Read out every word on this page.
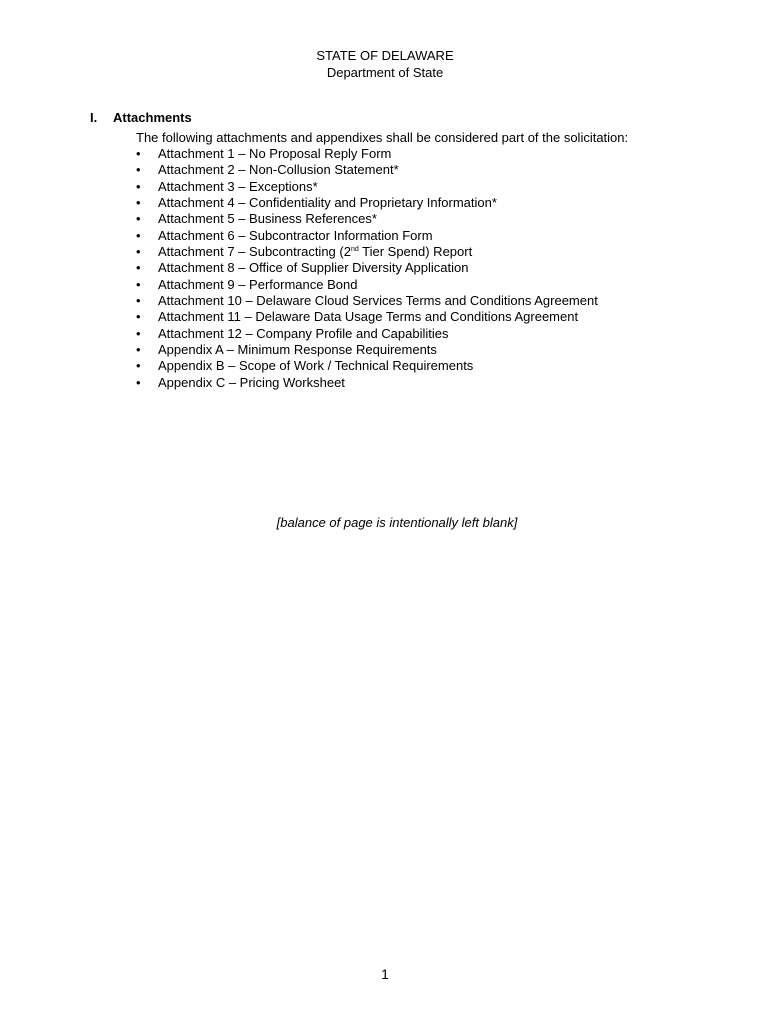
STATE OF DELAWARE
Department of State
I.	Attachments
The following attachments and appendixes shall be considered part of the solicitation:
•	Attachment 1 – No Proposal Reply Form
•	Attachment 2 – Non-Collusion Statement*
•	Attachment 3 – Exceptions*
•	Attachment 4 – Confidentiality and Proprietary Information*
•	Attachment 5 – Business References*
•	Attachment 6 – Subcontractor Information Form
•	Attachment 7 – Subcontracting (2nd Tier Spend) Report
•	Attachment 8 – Office of Supplier Diversity Application
•	Attachment 9 – Performance Bond
•	Attachment 10 – Delaware Cloud Services Terms and Conditions Agreement
•	Attachment 11 – Delaware Data Usage Terms and Conditions Agreement
•	Attachment 12 – Company Profile and Capabilities
•	Appendix A – Minimum Response Requirements
•	Appendix B – Scope of Work / Technical Requirements
•	Appendix C – Pricing Worksheet
[balance of page is intentionally left blank]
1
